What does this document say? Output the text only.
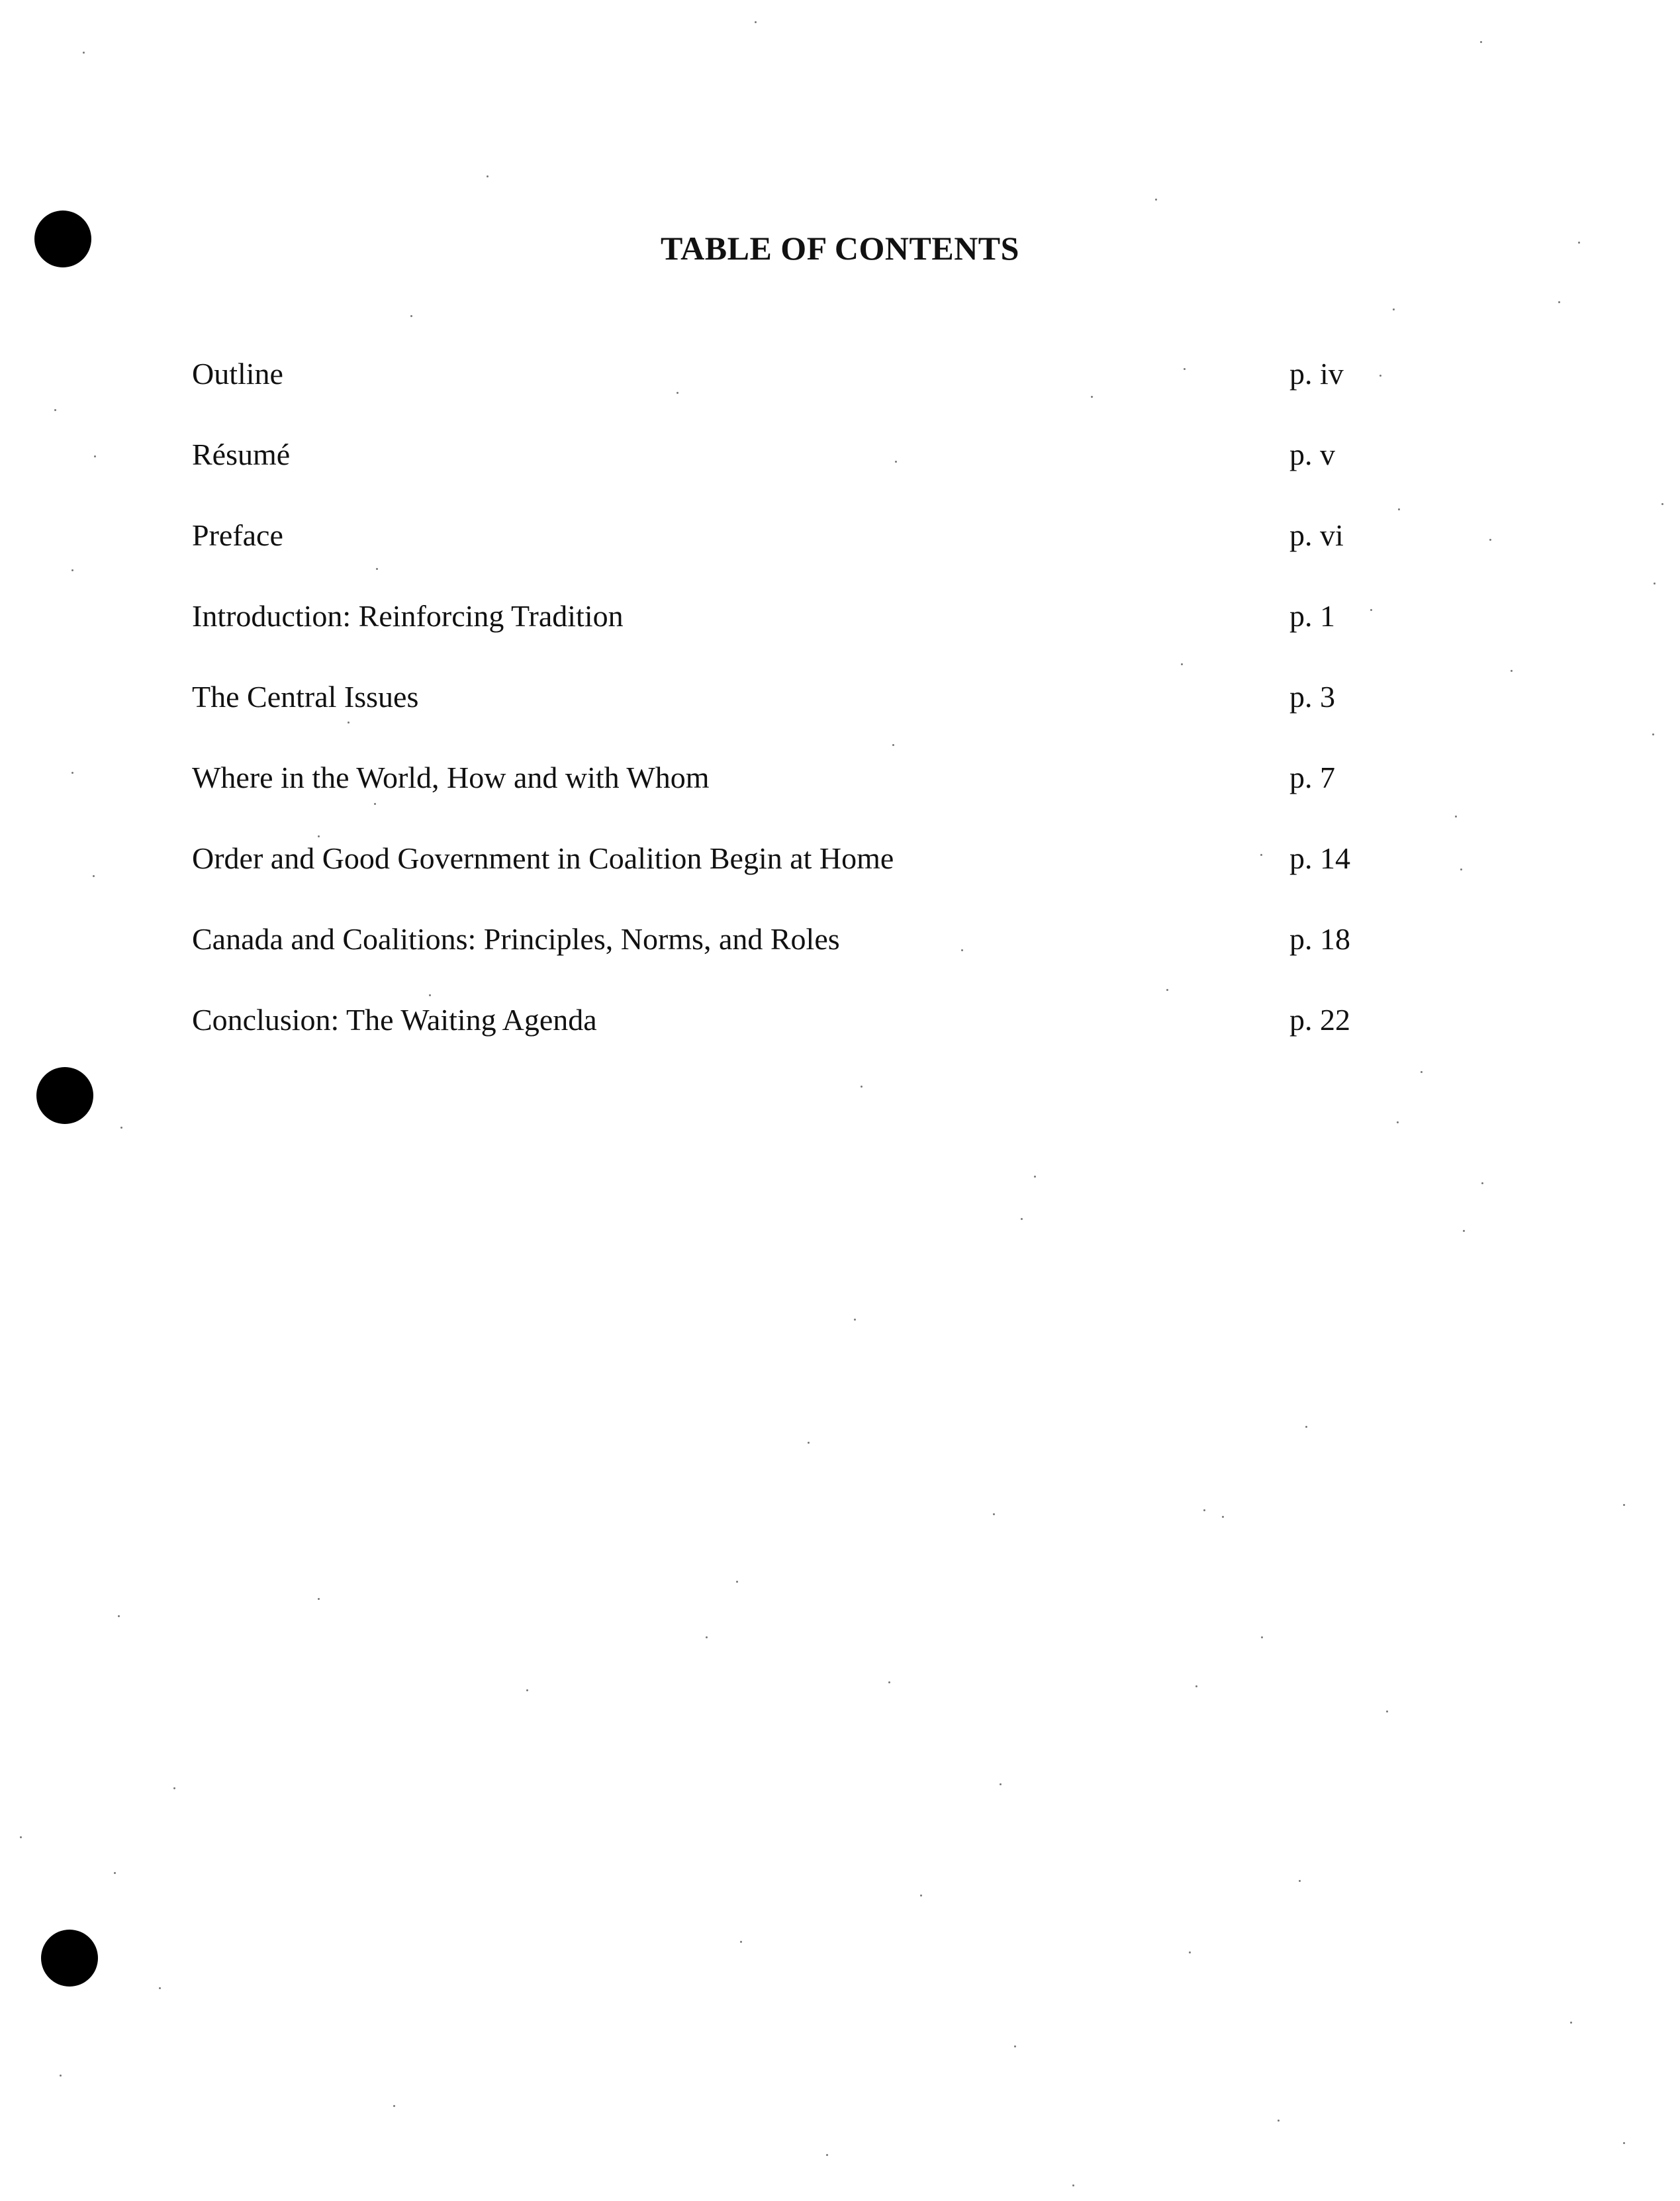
TABLE OF CONTENTS
Outline	p. iv
Résumé	p. v
Preface	p. vi
Introduction: Reinforcing Tradition	p. 1
The Central Issues	p. 3
Where in the World, How and with Whom	p. 7
Order and Good Government in Coalition Begin at Home	p. 14
Canada and Coalitions: Principles, Norms, and Roles	p. 18
Conclusion: The Waiting Agenda	p. 22
